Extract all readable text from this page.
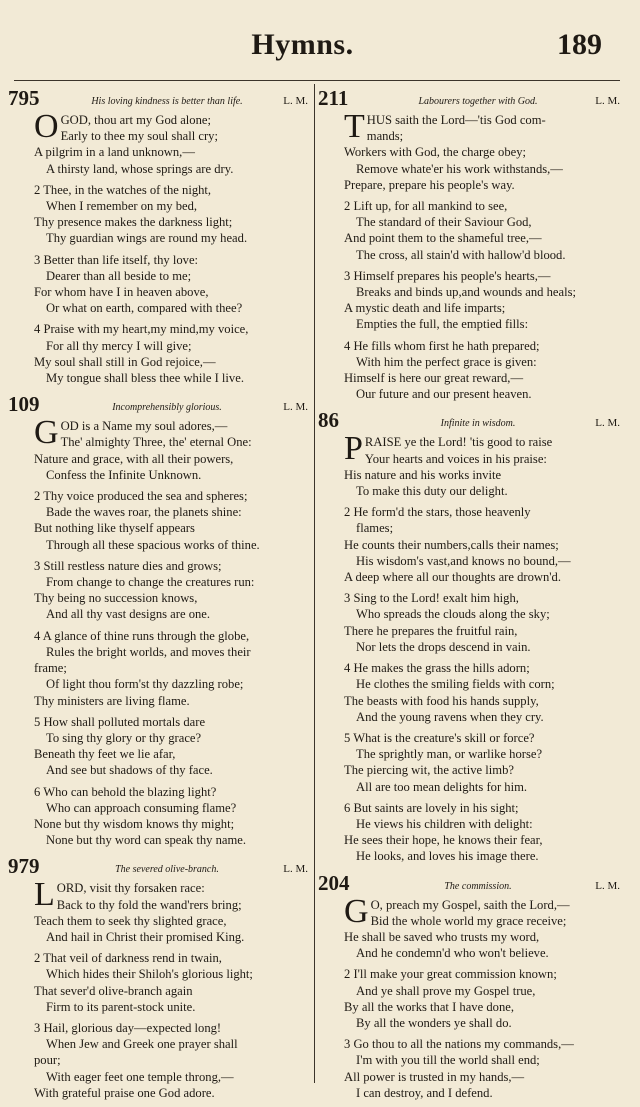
Hymns.	189
795	His loving kindness is better than life.	L. M.
O GOD, thou art my God alone;
Early to thee my soul shall cry;
A pilgrim in a land unknown,—
A thirsty land, whose springs are dry.
2 Thee, in the watches of the night,
When I remember on my bed,
Thy presence makes the darkness light;
Thy guardian wings are round my head.
3 Better than life itself, thy love:
Dearer than all beside to me;
For whom have I in heaven above,
Or what on earth, compared with thee?
4 Praise with my heart,my mind,my voice,
For all thy mercy I will give;
My soul shall still in God rejoice,—
My tongue shall bless thee while I live.
109	Incomprehensibly glorious.	L. M.
G OD is a Name my soul adores,—
The' almighty Three, the' eternal One:
Nature and grace, with all their powers,
Confess the Infinite Unknown.
2 Thy voice produced the sea and spheres;
Bade the waves roar, the planets shine:
But nothing like thyself appears
Through all these spacious works of thine.
3 Still restless nature dies and grows;
From change to change the creatures run:
Thy being no succession knows,
And all thy vast designs are one.
4 A glance of thine runs through the globe,
Rules the bright worlds, and moves their
frame;
Of light thou form'st thy dazzling robe;
Thy ministers are living flame.
5 How shall polluted mortals dare
To sing thy glory or thy grace?
Beneath thy feet we lie afar,
And see but shadows of thy face.
6 Who can behold the blazing light?
Who can approach consuming flame?
None but thy wisdom knows thy might;
None but thy word can speak thy name.
979	The severed olive-branch.	L. M.
L ORD, visit thy forsaken race:
Back to thy fold the wand'rers bring;
Teach them to seek thy slighted grace,
And hail in Christ their promised King.
2 That veil of darkness rend in twain,
Which hides their Shiloh's glorious light;
That sever'd olive-branch again
Firm to its parent-stock unite.
3 Hail, glorious day—expected long!
When Jew and Greek one prayer shall
pour;
With eager feet one temple throng,—
With grateful praise one God adore.
211	Labourers together with God.	L. M.
T HUS saith the Lord—'tis God com-
mands;
Workers with God, the charge obey;
Remove whate'er his work withstands,—
Prepare, prepare his people's way.
2 Lift up, for all mankind to see,
The standard of their Saviour God,
And point them to the shameful tree,—
The cross, all stain'd with hallow'd blood.
3 Himself prepares his people's hearts,—
Breaks and binds up,and wounds and heals;
A mystic death and life imparts;
Empties the full, the emptied fills:
4 He fills whom first he hath prepared;
With him the perfect grace is given:
Himself is here our great reward,—
Our future and our present heaven.
86	Infinite in wisdom.	L. M.
P RAISE ye the Lord! 'tis good to raise
Your hearts and voices in his praise:
His nature and his works invite
To make this duty our delight.
2 He form'd the stars, those heavenly
flames;
He counts their numbers,calls their names;
His wisdom's vast,and knows no bound,—
A deep where all our thoughts are drown'd.
3 Sing to the Lord! exalt him high,
Who spreads the clouds along the sky;
There he prepares the fruitful rain,
Nor lets the drops descend in vain.
4 He makes the grass the hills adorn;
He clothes the smiling fields with corn;
The beasts with food his hands supply,
And the young ravens when they cry.
5 What is the creature's skill or force?
The sprightly man, or warlike horse?
The piercing wit, the active limb?
All are too mean delights for him.
6 But saints are lovely in his sight;
He views his children with delight:
He sees their hope, he knows their fear,
He looks, and loves his image there.
204	The commission.	L. M.
G O, preach my Gospel, saith the Lord,—
Bid the whole world my grace receive;
He shall be saved who trusts my word,
And he condemn'd who won't believe.
2 I'll make your great commission known;
And ye shall prove my Gospel true,
By all the works that I have done,
By all the wonders ye shall do.
3 Go thou to all the nations my commands,—
I'm with you till the world shall end;
All power is trusted in my hands,—
I can destroy, and I defend.
